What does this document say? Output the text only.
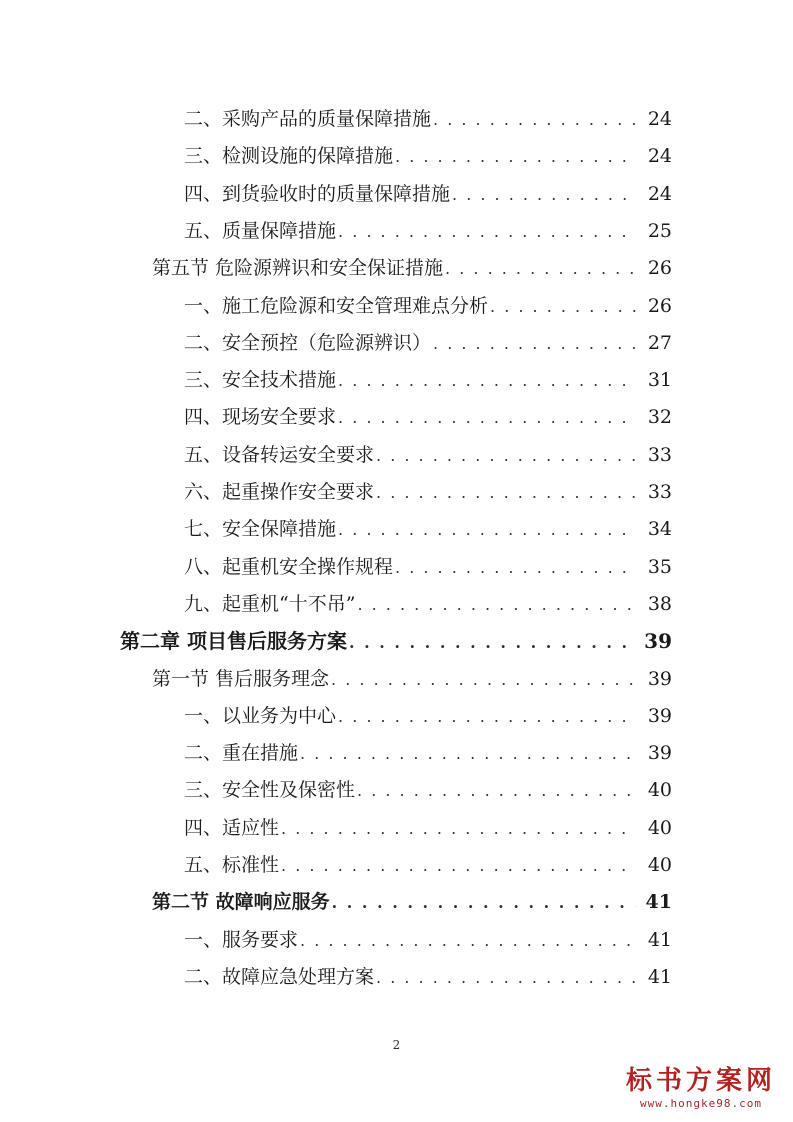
二、采购产品的质量保障措施 . . .	24
三、检测设施的保障措施 . . .	24
四、到货验收时的质量保障措施 . . .	24
五、质量保障措施 . . .	25
第五节 危险源辨识和安全保证措施 . . .	26
一、施工危险源和安全管理难点分析 . . .	26
二、安全预控（危险源辨识） . . .	27
三、安全技术措施 . . .	31
四、现场安全要求 . . .	32
五、设备转运安全要求 . . .	33
六、起重操作安全要求 . . .	33
七、安全保障措施 . . .	34
八、起重机安全操作规程 . . .	35
九、起重机“十不吊” . . .	38
第二章 项目售后服务方案 . . .	39
第一节 售后服务理念 . . .	39
一、以业务为中心 . . .	39
二、重在措施 . . .	39
三、安全性及保密性 . . .	40
四、适应性 . . .	40
五、标准性 . . .	40
第二节 故障响应服务 . . .	41
一、服务要求 . . .	41
二、故障应急处理方案 . . .	41
2
标书方案网
www.hongke98.com
